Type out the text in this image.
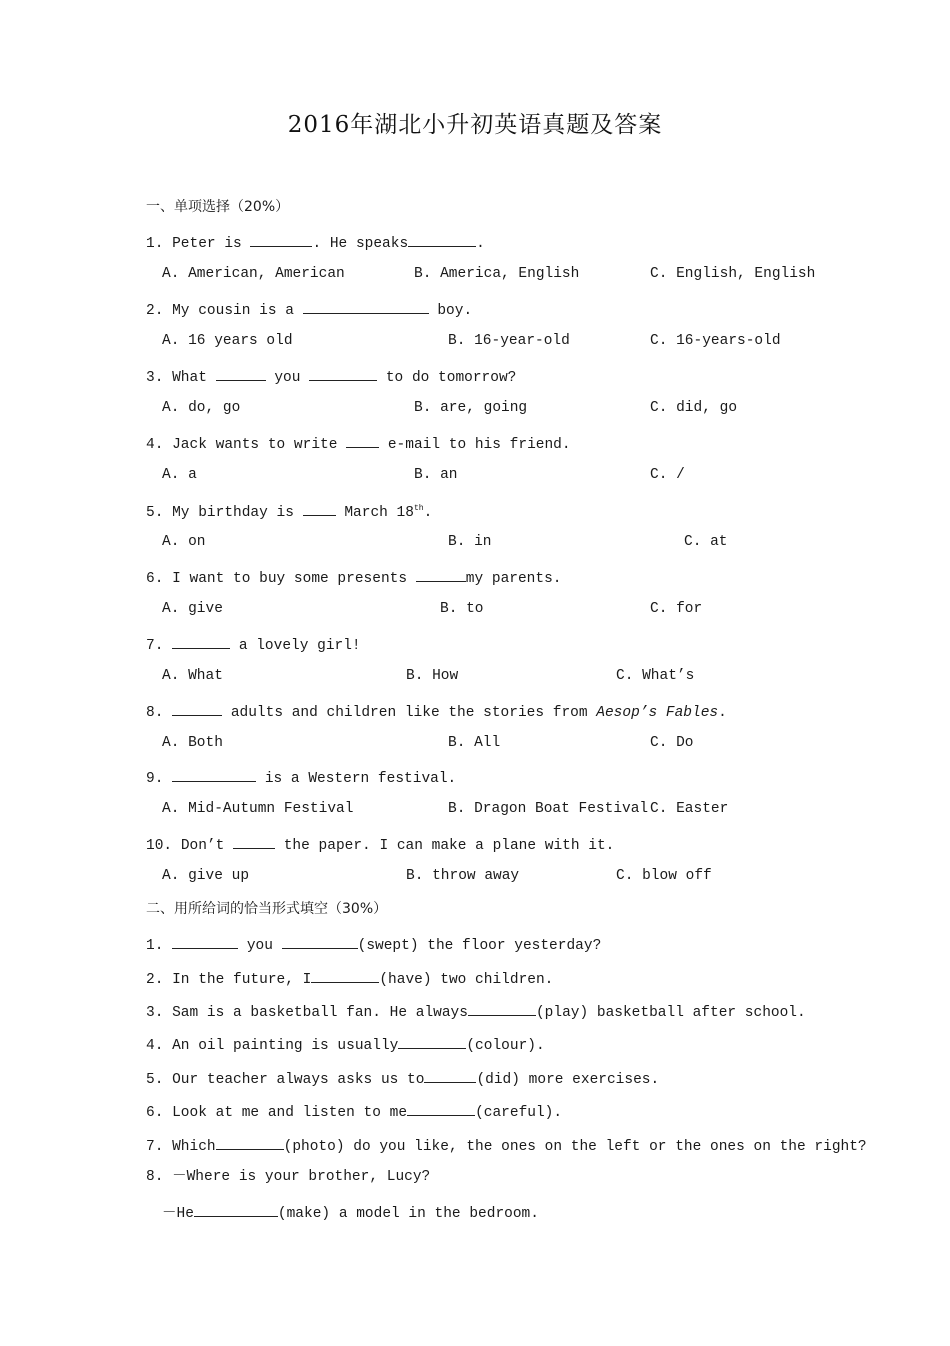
2016年湖北小升初英语真题及答案
一、单项选择（20%）
1. Peter is	. He speaks	.
A. American, American	B. America, English	C. English, English
2. My cousin is a	boy.
A. 16 years old	B. 16-year-old	C. 16-years-old
3. What	you	to do tomorrow?
A. do, go	B. are, going	C. did, go
4. Jack wants to write	e-mail to his friend.
A. a	B. an	C. /
5. My birthday is	March 18th.
A. on	B. in	C. at
6. I want to buy some presents	my parents.
A. give	B. to	C. for
7.	a lovely girl!
A. What	B. How	C. What’s
8.	adults and children like the stories from Aesop’s Fables.
A. Both	B. All	C. Do
9.	is a Western festival.
A. Mid-Autumn Festival	B. Dragon Boat Festival C. Easter
10. Don’t	the paper. I can make a plane with it.
A. give up	B. throw away	C. blow off
二、用所给词的恰当形式填空（30%）
1.	you	(swept) the floor yesterday?
2. In the future, I	(have) two children.
3. Sam is a basketball fan. He always	(play) basketball after school.
4. An oil painting is usually	(colour).
5. Our teacher always asks us to	(did) more exercises.
6. Look at me and listen to me	(careful).
7. Which	(photo) do you like, the ones on the left or the ones on the right?
8. －Where is your brother, Lucy?
－He	(make) a model in the bedroom.
